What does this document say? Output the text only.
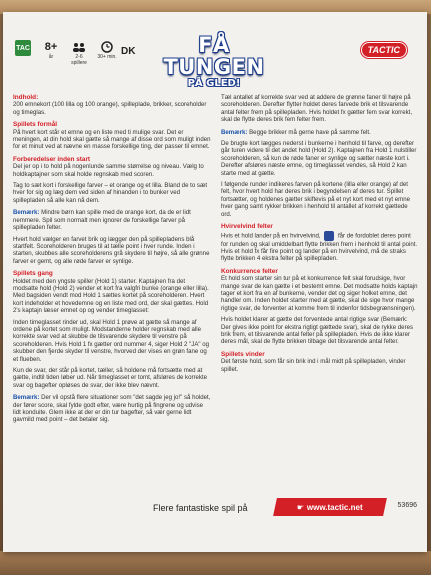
TAC 8+
år	2-6 spillere
30+ min. DK	FÅ TUNGEN
PÅ GLED!
TACTIC
Indhold:
200 emnekort (100 lilla og 100 orange), spilleplade, brikker, scoreholder og timeglas.
Spillets formål
På hvert kort står et emne og en liste med ti mulige svar. Det er meningen, at din hold skal gætte så mange af disse ord som muligt inden for et minut ved at nævne en masse forskellige ting, der passer til emnet.
Forberedelser inden start
Del jer op i to hold på nogenlunde samme størrelse og niveau. Vælg to holdkaptajner som skal holde regnskab med scoren.
Tag to sæt kort i forskellige farver – et orange og et lilla. Bland de to sæt hver for sig og læg dem ved siden af hinanden i to bunker ved spillepladen så alle kan nå dem.
Bemærk: Mindre børn kan spille med de orange kort, da de er lidt nemmere. Spil som normalt men ignorer de forskellige farver på spillepladen felter.
Hvert hold vælger en farvet brik og lægger den på spillepladens blå startfelt. Scoreholderen bruges til at tælle point i hver runde. Inden i starten, skubbes alle scoreholderens grå skydere til højre, så alle grønne farver er gemt, og alle røde farver er synlige.
Spillets gang
Holdet med den yngste spiller (Hold 1) starter. Kaptajnen fra det modsatte hold (Hold 2) vender et kort fra valgfri bunke (orange eller lilla). Med bagsiden vendt mod Hold 1 sættes kortet på scoreholderen. Hvert kort indeholder et hovedemne og en liste med ord, der skal gættes. Hold 2's kaptajn læser emnet op og vender timeglasset:
Inden timeglasset rinder ud, skal Hold 1 prøve at gætte så mange af ordene på kortet som muligt. Modstanderne holder regnskab med alle korrekte svar ved at skubbe de tilsvarende skydere til venstre på scoreholderen. Hvis Hold 1 fx gætter ord nummer 4, siger Hold 2 "JA" og skubber den fjerde skyder til venstre, hvorved der vises en grøn fane og et flueben.
Kun de svar, der står på kortet, tæller, så holdene må fortsætte med at gætte, indtil tiden løber ud. Når timeglasset er tomt, afsløres de korrekte svar og bagefter opløses de svar, der ikke blev nævnt.
Bemærk: Der vil opstå flere situationer som "det sagde jeg jo!" så holdet, der fører score, skal fylde godt efter, være hurtig på fingrene og udvise lidt konduite. Glem ikke at der er din tur bagefter, så vær gerne lidt gavmild med point – det betaler sig.
Tæl antallet af korrekte svar ved at addere de grønne faner til højre på scoreholderen. Derefter flytter holdet deres farvede brik et tilsvarende antal felter frem på spillepladen. Hvis holdet fx gætter fem svar korrekt, skal de flytte deres brik fem felter frem.
Bemærk: Begge brikker må gerne have på samme felt.
De brugte kort lægges nederst i bunkerne i henhold til farve, og derefter går turen videre til det andet hold (Hold 2). Kaptajnen fra Hold 1 nulstiller scoreholderen, så kun de røde faner er synlige og sætter næste kort i. Derefter afsløres næste emne, og timeglasset vendes, så Hold 2 kan starte med at gætte.
I følgende runder indikeres farven på kortene (lilla eller orange) af det felt, hvor hvert hold har deres brik i begyndelsen af deres tur. Spillet fortsætter, og holdenes gætter skiftevis på et nyt kort med et nyt emne hver gang samt rykker brikken i henhold til antallet af korrekt gættede ord.
Hvirvelvind felter
Hvis et hold lander på en hvirvelvind,  får de fordoblet deres point for runden og skal umiddelbart flytte brikken frem i henhold til antal point. Hvis et hold fx får fire point og lander på en hvirvelvind, må de straks flytte brikken 4 ekstra felter på spillepladen.
Konkurrence felter
Et hold som starter sin tur på et konkurrence felt skal forudsige, hvor mange svar de kan gætte i et bestemt emne. Det modsatte holds kaptajn tager et kort fra en af bunkerne, vender det og siger holket emne, det handler om. Inden holdet starter med at gætte, skal de sige hvor mange rigtige svar, de forventer at komme frem til indenfor tidsbegrænsningen).
Hvis holdet klarer at gætte det forventede antal rigtige svar (Bemærk: Der gives ikke point for ekstra rigtigt gættede svar), skal de rykke deres brik frem, et tilsvarende antal felter på spillepladen. Hvis de ikke klarer deres mål, skal de flytte brikken tilbage det tilsvarende antal felter.
Spillets vinder
Det første hold, som får sin brik ind i mål midt på spillepladen, vinder spillet.
Flere fantastiske spil på	☛ www.tactic.net	53696
